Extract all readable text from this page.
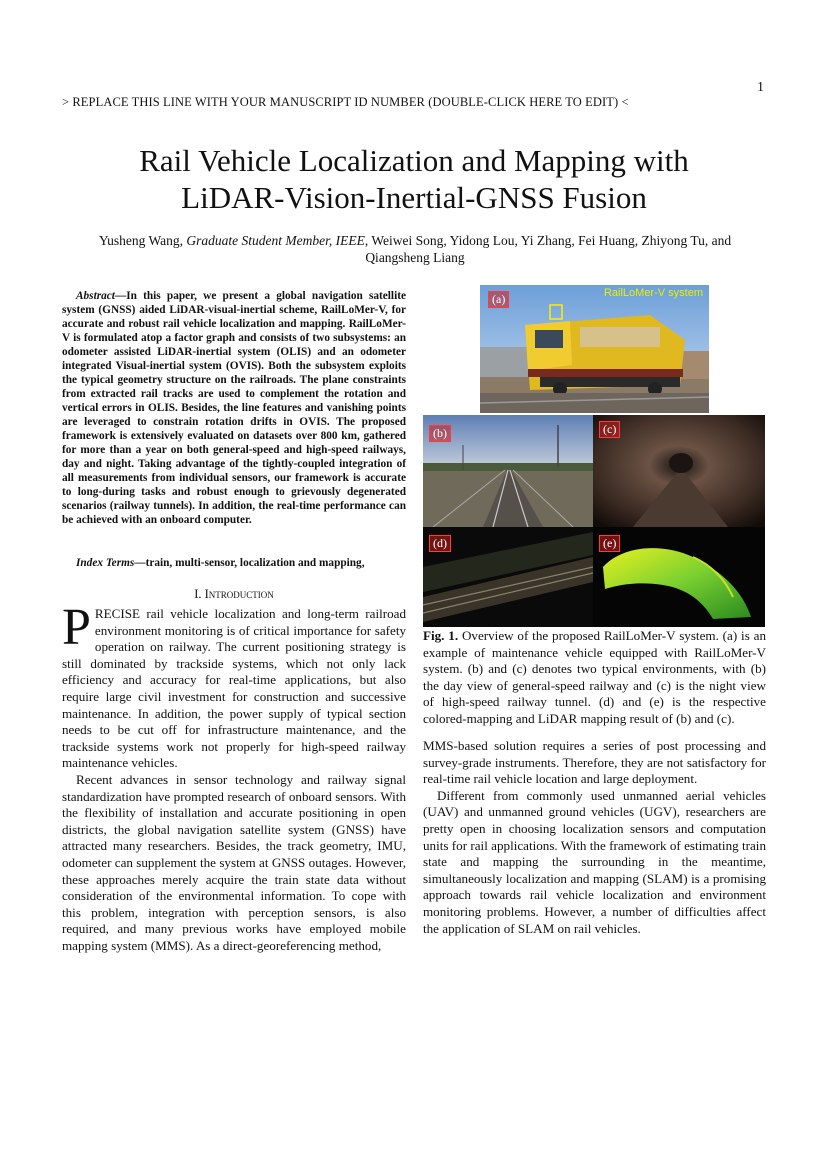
1
> REPLACE THIS LINE WITH YOUR MANUSCRIPT ID NUMBER (DOUBLE-CLICK HERE TO EDIT) <
Rail Vehicle Localization and Mapping with
LiDAR-Vision-Inertial-GNSS Fusion
Yusheng Wang, Graduate Student Member, IEEE, Weiwei Song, Yidong Lou, Yi Zhang, Fei Huang, Zhiyong Tu, and Qiangsheng Liang
Abstract—In this paper, we present a global navigation satellite system (GNSS) aided LiDAR-visual-inertial scheme, RailLoMer-V, for accurate and robust rail vehicle localization and mapping. RailLoMer-V is formulated atop a factor graph and consists of two subsystems: an odometer assisted LiDAR-inertial system (OLIS) and an odometer integrated Visual-inertial system (OVIS). Both the subsystem exploits the typical geometry structure on the railroads. The plane constraints from extracted rail tracks are used to complement the rotation and vertical errors in OLIS. Besides, the line features and vanishing points are leveraged to constrain rotation drifts in OVIS. The proposed framework is extensively evaluated on datasets over 800 km, gathered for more than a year on both general-speed and high-speed railways, day and night. Taking advantage of the tightly-coupled integration of all measurements from individual sensors, our framework is accurate to long-during tasks and robust enough to grievously degenerated scenarios (railway tunnels). In addition, the real-time performance can be achieved with an onboard computer.
Index Terms—train, multi-sensor, localization and mapping,
I. Introduction

PRECISE rail vehicle localization and long-term railroad environment monitoring is of critical importance for safety operation on railway. The current positioning strategy is still dominated by trackside systems, which not only lack efficiency and accuracy for real-time applications, but also require large civil investment for construction and successive maintenance. In addition, the power supply of typical section needs to be cut off for infrastructure maintenance, and the trackside systems work not properly for high-speed railway maintenance vehicles.

Recent advances in sensor technology and railway signal standardization have prompted research of onboard sensors. With the flexibility of installation and accurate positioning in open districts, the global navigation satellite system (GNSS) have attracted many researchers. Besides, the track geometry, IMU, odometer can supplement the system at GNSS outages. However, these approaches merely acquire the train state data without consideration of the environmental information. To cope with this problem, integration with perception sensors, is also required, and many previous works have employed mobile mapping system (MMS). As a direct-georeferencing method,

(a)	RailLoMer-V system
(b)	(c)
(d)	(e)
Fig. 1. Overview of the proposed RailLoMer-V system. (a) is an example of maintenance vehicle equipped with RailLoMer-V system. (b) and (c) denotes two typical environments, with (b) the day view of general-speed railway and (c) is the night view of high-speed railway tunnel. (d) and (e) is the respective colored-mapping and LiDAR mapping result of (b) and (c).

MMS-based solution requires a series of post processing and survey-grade instruments. Therefore, they are not satisfactory for real-time rail vehicle location and large deployment.

Different from commonly used unmanned aerial vehicles (UAV) and unmanned ground vehicles (UGV), researchers are pretty open in choosing localization sensors and computation units for rail applications. With the framework of estimating train state and mapping the surrounding in the meantime, simultaneously localization and mapping (SLAM) is a promising approach towards rail vehicle localization and environment monitoring problems. However, a number of difficulties affect the application of SLAM on rail vehicles.
